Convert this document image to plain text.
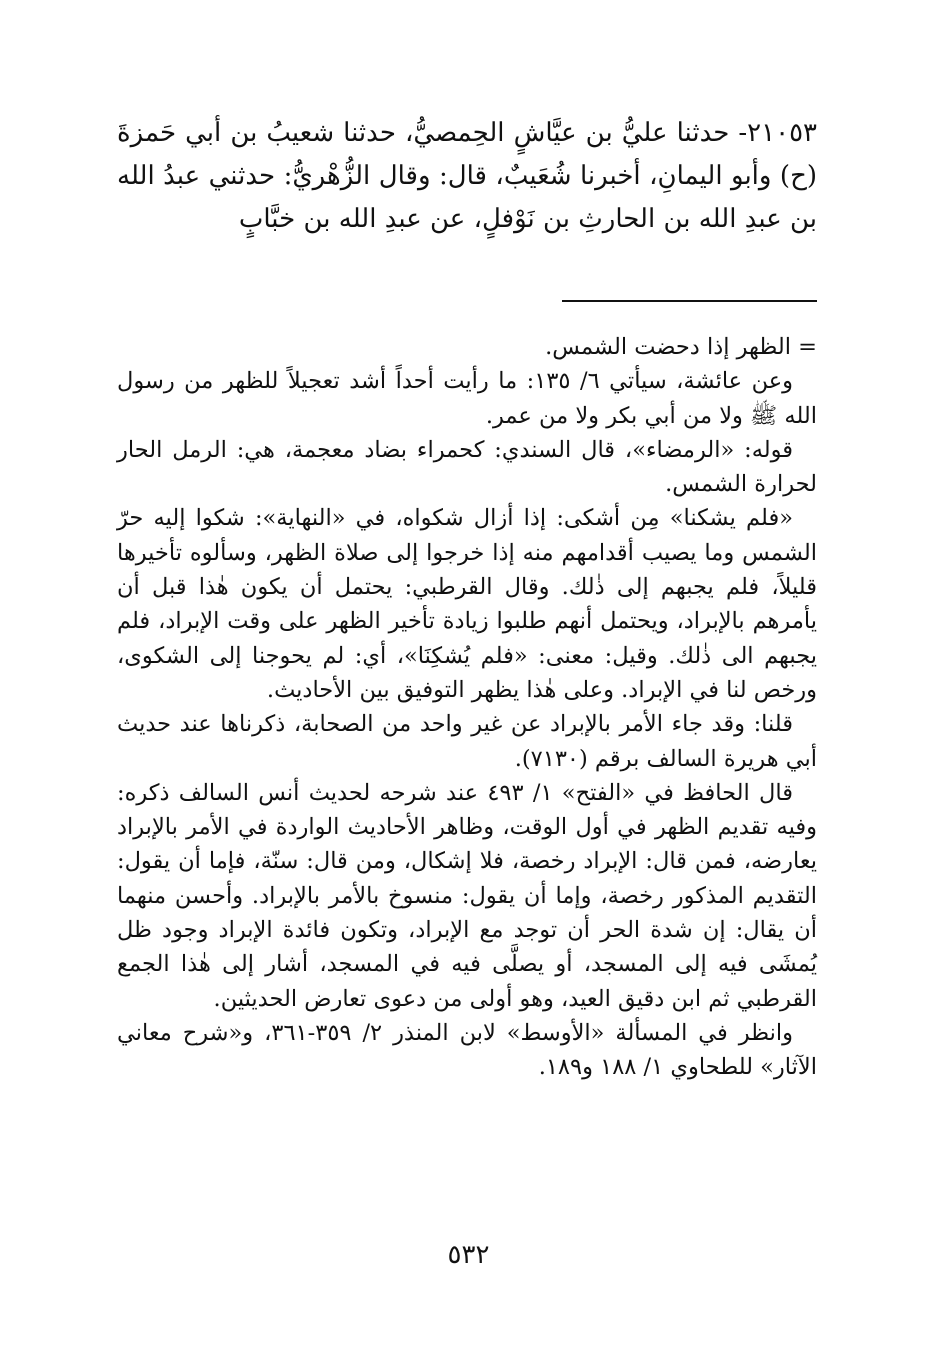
٢١٠٥٣- حدثنا عليُّ بن عيَّاشٍ الحِمصيُّ، حدثنا شعيبُ بن أبي حَمزةَ (ح) وأبو اليمانِ، أخبرنا شُعَيبٌ، قال: وقال الزُّهْريُّ: حدثني عبدُ الله بن عبدِ الله بن الحارثِ بن نَوْفلٍ، عن عبدِ الله بن خبَّابٍ

= الظهر إذا دحضت الشمس.

وعن عائشة، سيأتي ٦/ ١٣٥: ما رأيت أحداً أشد تعجيلاً للظهر من رسول الله ﷺ ولا من أبي بكر ولا من عمر.

قوله: «الرمضاء»، قال السندي: كحمراء بضاد معجمة، هي: الرمل الحار لحرارة الشمس.

«فلم يشكنا» مِن أشكى: إذا أزال شكواه، في «النهاية»: شكوا إليه حرّ الشمس وما يصيب أقدامهم منه إذا خرجوا إلى صلاة الظهر، وسألوه تأخيرها قليلاً، فلم يجبهم إلى ذٰلك. وقال القرطبي: يحتمل أن يكون هٰذا قبل أن يأمرهم بالإبراد، ويحتمل أنهم طلبوا زيادة تأخير الظهر على وقت الإبراد، فلم يجبهم الى ذٰلك. وقيل: معنى: «فلم يُشكِنَا»، أي: لم يحوجنا إلى الشكوى، ورخص لنا في الإبراد. وعلى هٰذا يظهر التوفيق بين الأحاديث.

قلنا: وقد جاء الأمر بالإبراد عن غير واحد من الصحابة، ذكرناها عند حديث أبي هريرة السالف برقم (٧١٣٠).

قال الحافظ في «الفتح» ١/ ٤٩٣ عند شرحه لحديث أنس السالف ذكره: وفيه تقديم الظهر في أول الوقت، وظاهر الأحاديث الواردة في الأمر بالإبراد يعارضه، فمن قال: الإبراد رخصة، فلا إشكال، ومن قال: سنّة، فإما أن يقول: التقديم المذكور رخصة، وإما أن يقول: منسوخ بالأمر بالإبراد. وأحسن منهما أن يقال: إن شدة الحر أن توجد مع الإبراد، وتكون فائدة الإبراد وجود ظل يُمشَى فيه إلى المسجد، أو يصلَّى فيه في المسجد، أشار إلى هٰذا الجمع القرطبي ثم ابن دقيق العيد، وهو أولى من دعوى تعارض الحديثين.

وانظر في المسألة «الأوسط» لابن المنذر ٢/ ٣٥٩-٣٦١، و«شرح معاني الآثار» للطحاوي ١/ ١٨٨ و١٨٩.

٥٣٢
